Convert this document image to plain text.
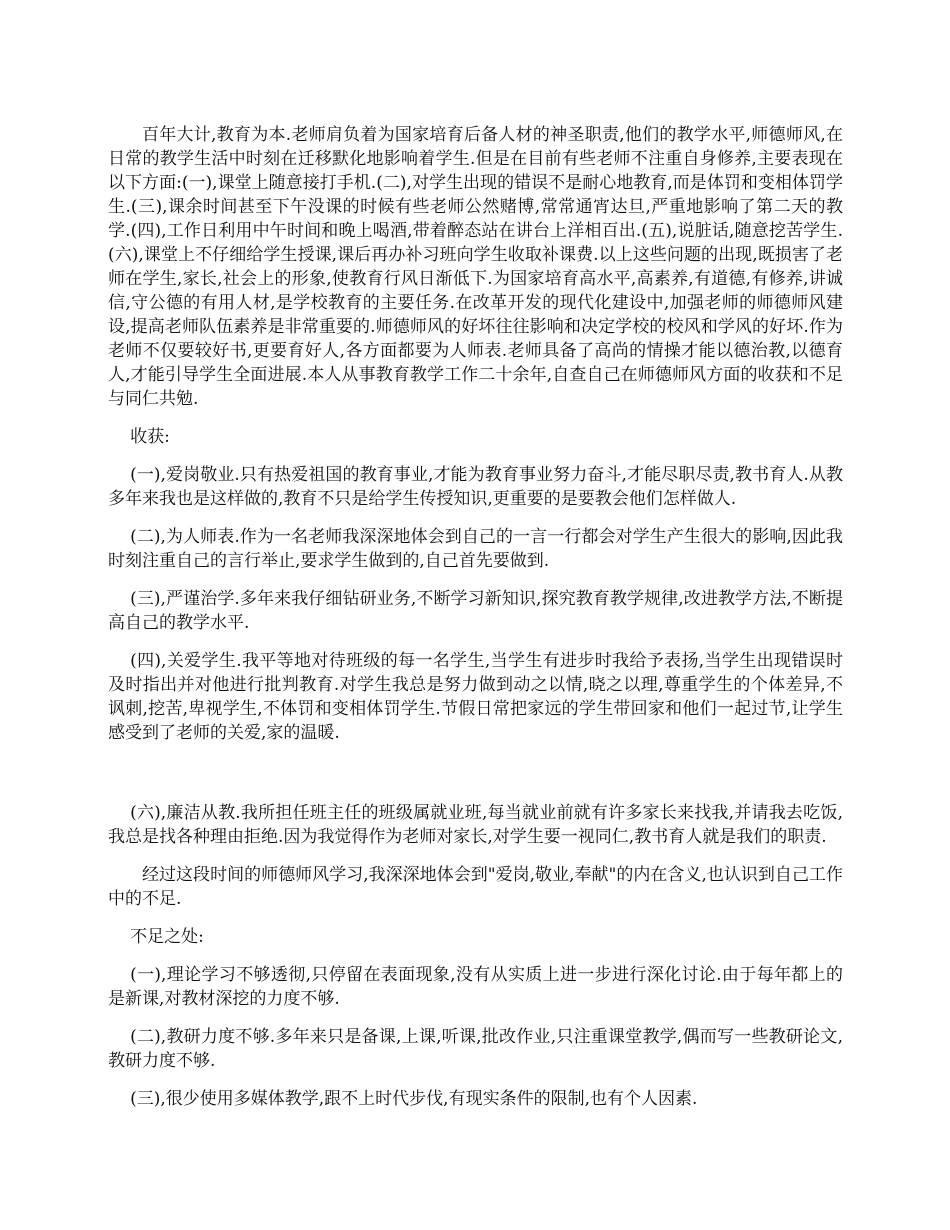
百年大计,教育为本.老师肩负着为国家培育后备人材的神圣职责,他们的教学水平,师德师风,在日常的教学生活中时刻在迁移默化地影响着学生.但是在目前有些老师不注重自身修养,主要表现在以下方面:(一),课堂上随意接打手机.(二),对学生出现的错误不是耐心地教育,而是体罚和变相体罚学生.(三),课余时间甚至下午没课的时候有些老师公然赌博,常常通宵达旦,严重地影响了第二天的教学.(四),工作日利用中午时间和晚上喝酒,带着醉态站在讲台上洋相百出.(五),说脏话,随意挖苦学生.(六),课堂上不仔细给学生授课,课后再办补习班向学生收取补课费.以上这些问题的出现,既损害了老师在学生,家长,社会上的形象,使教育行风日渐低下.为国家培育高水平,高素养,有道德,有修养,讲诚信,守公德的有用人材,是学校教育的主要任务.在改革开发的现代化建设中,加强老师的师德师风建设,提高老师队伍素养是非常重要的.师德师风的好坏往往影响和决定学校的校风和学风的好坏.作为老师不仅要较好书,更要育好人,各方面都要为人师表.老师具备了高尚的情操才能以德治教,以德育人,才能引导学生全面进展.本人从事教育教学工作二十余年,自查自己在师德师风方面的收获和不足与同仁共勉.

收获:

(一),爱岗敬业.只有热爱祖国的教育事业,才能为教育事业努力奋斗,才能尽职尽责,教书育人.从教多年来我也是这样做的,教育不只是给学生传授知识,更重要的是要教会他们怎样做人.

(二),为人师表.作为一名老师我深深地体会到自己的一言一行都会对学生产生很大的影响,因此我时刻注重自己的言行举止,要求学生做到的,自己首先要做到.

(三),严谨治学.多年来我仔细钻研业务,不断学习新知识,探究教育教学规律,改进教学方法,不断提高自己的教学水平.

(四),关爱学生.我平等地对待班级的每一名学生,当学生有进步时我给予表扬,当学生出现错误时及时指出并对他进行批判教育.对学生我总是努力做到动之以情,晓之以理,尊重学生的个体差异,不讽刺,挖苦,卑视学生,不体罚和变相体罚学生.节假日常把家远的学生带回家和他们一起过节,让学生感受到了老师的关爱,家的温暖.

(六),廉洁从教.我所担任班主任的班级属就业班,每当就业前就有许多家长来找我,并请我去吃饭,我总是找各种理由拒绝.因为我觉得作为老师对家长,对学生要一视同仁,教书育人就是我们的职责.

经过这段时间的师德师风学习,我深深地体会到"爱岗,敬业,奉献"的内在含义,也认识到自己工作中的不足.

不足之处:

(一),理论学习不够透彻,只停留在表面现象,没有从实质上进一步进行深化讨论.由于每年都上的是新课,对教材深挖的力度不够.

(二),教研力度不够.多年来只是备课,上课,听课,批改作业,只注重课堂教学,偶而写一些教研论文,教研力度不够.

(三),很少使用多媒体教学,跟不上时代步伐,有现实条件的限制,也有个人因素.
